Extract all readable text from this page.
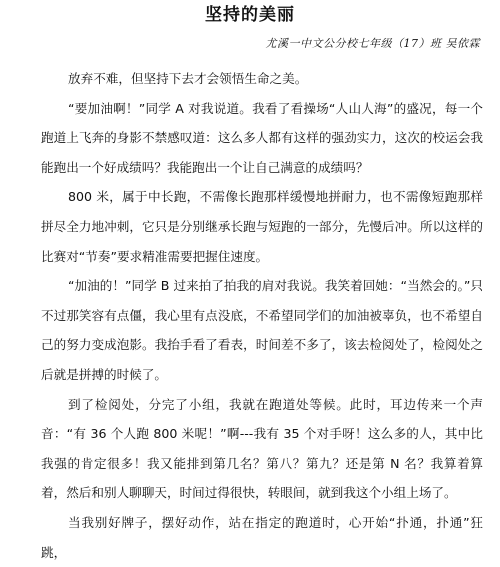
坚持的美丽
尤溪一中文公分校七年级（17）班 吴依霖

放弃不难，但坚持下去才会领悟生命之美。

“要加油啊！”同学 A 对我说道。我看了看操场“人山人海”的盛况，每一个跑道上飞奔的身影不禁感叹道：这么多人都有这样的强劲实力，这次的校运会我能跑出一个好成绩吗？我能跑出一个让自己满意的成绩吗？

800 米，属于中长跑，不需像长跑那样缓慢地拼耐力，也不需像短跑那样拼尽全力地冲刺，它只是分别继承长跑与短跑的一部分，先慢后冲。所以这样的比赛对“节奏”要求精准需要把握住速度。

“加油的！”同学 B 过来拍了拍我的肩对我说。我笑着回她：“当然会的。”只不过那笑容有点僵，我心里有点没底，不希望同学们的加油被辜负，也不希望自己的努力变成泡影。我抬手看了看表，时间差不多了，该去检阅处了，检阅处之后就是拼搏的时候了。

到了检阅处，分完了小组，我就在跑道处等候。此时，耳边传来一个声音：“有 36 个人跑 800 米呢！”啊---我有 35 个对手呀！这么多的人，其中比我强的肯定很多！我又能排到第几名？第八？第九？还是第 N 名？我算着算着，然后和别人聊聊天，时间过得很快，转眼间，就到我这个小组上场了。

当我别好牌子，摆好动作，站在指定的跑道时，心开始“扑通，扑通”狂跳，
